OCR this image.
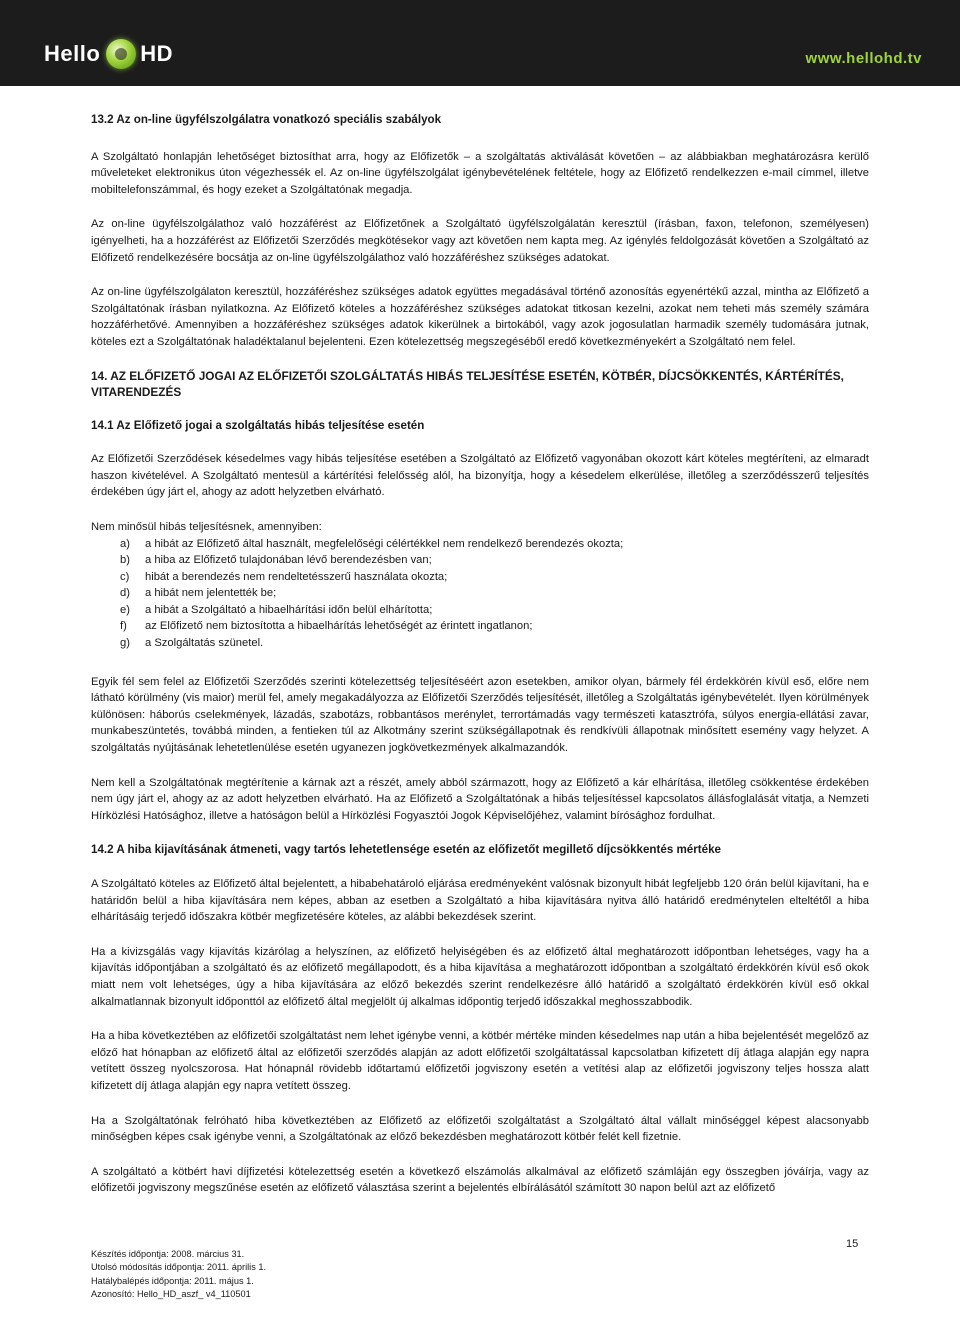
Hello HD	www.hellohd.tv
13.2 Az on-line ügyfélszolgálatra vonatkozó speciális szabályok

A Szolgáltató honlapján lehetőséget biztosíthat arra, hogy az Előfizetők – a szolgáltatás aktiválását követően – az alábbiakban meghatározásra kerülő műveleteket elektronikus úton végezhessék el. Az on-line ügyfélszolgálat igénybevételének feltétele, hogy az Előfizető rendelkezzen e-mail címmel, illetve mobiltelefonszámmal, és hogy ezeket a Szolgáltatónak megadja.

Az on-line ügyfélszolgálathoz való hozzáférést az Előfizetőnek a Szolgáltató ügyfélszolgálatán keresztül (írásban, faxon, telefonon, személyesen) igényelheti, ha a hozzáférést az Előfizetői Szerződés megkötésekor vagy azt követően nem kapta meg. Az igénylés feldolgozását követően a Szolgáltató az Előfizető rendelkezésére bocsátja az on-line ügyfélszolgálathoz való hozzáféréshez szükséges adatokat.

Az on-line ügyfélszolgálaton keresztül, hozzáféréshez szükséges adatok együttes megadásával történő azonosítás egyenértékű azzal, mintha az Előfizető a Szolgáltatónak írásban nyilatkozna. Az Előfizető köteles a hozzáféréshez szükséges adatokat titkosan kezelni, azokat nem teheti más személy számára hozzáférhetővé. Amennyiben a hozzáféréshez szükséges adatok kikerülnek a birtokából, vagy azok jogosulatlan harmadik személy tudomására jutnak, köteles ezt a Szolgáltatónak haladéktalanul bejelenteni. Ezen kötelezettség megszegéséből eredő következményekért a Szolgáltató nem felel.

14. AZ ELŐFIZETŐ JOGAI AZ ELŐFIZETŐI SZOLGÁLTATÁS HIBÁS TELJESÍTÉSE ESETÉN, KÖTBÉR, DÍJCSÖKKENTÉS, KÁRTÉRÍTÉS, VITARENDEZÉS
14.1 Az Előfizető jogai a szolgáltatás hibás teljesítése esetén

Az Előfizetői Szerződések késedelmes vagy hibás teljesítése esetében a Szolgáltató az Előfizető vagyonában okozott kárt köteles megtéríteni, az elmaradt haszon kivételével. A Szolgáltató mentesül a kártérítési felelősség alól, ha bizonyítja, hogy a késedelem elkerülése, illetőleg a szerződésszerű teljesítés érdekében úgy járt el, ahogy az adott helyzetben elvárható.

Nem minősül hibás teljesítésnek, amennyiben:

a)	a hibát az Előfizető által használt, megfelelőségi célértékkel nem rendelkező berendezés okozta;
b)	a hiba az Előfizető tulajdonában lévő berendezésben van;
c)	hibát a berendezés nem rendeltetésszerű használata okozta;
d)	a hibát nem jelentették be;
e)	a hibát a Szolgáltató a hibaelhárítási időn belül elhárította;
f)	az Előfizető nem biztosította a hibaelhárítás lehetőségét az érintett ingatlanon;
g)	a Szolgáltatás szünetel.

Egyik fél sem felel az Előfizetői Szerződés szerinti kötelezettség teljesítéséért azon esetekben, amikor olyan, bármely fél érdekkörén kívül eső, előre nem látható körülmény (vis maior) merül fel, amely megakadályozza az Előfizetői Szerződés teljesítését, illetőleg a Szolgáltatás igénybevételét. Ilyen körülmények különösen: háborús cselekmények, lázadás, szabotázs, robbantásos merénylet, terrortámadás vagy természeti katasztrófa, súlyos energia-ellátási zavar, munkabeszüntetés, továbbá minden, a fentieken túl az Alkotmány szerint szükségállapotnak és rendkívüli állapotnak minősített esemény vagy helyzet. A szolgáltatás nyújtásának lehetetlenülése esetén ugyanezen jogkövetkezmények alkalmazandók.

Nem kell a Szolgáltatónak megtérítenie a kárnak azt a részét, amely abból származott, hogy az Előfizető a kár elhárítása, illetőleg csökkentése érdekében nem úgy járt el, ahogy az az adott helyzetben elvárható. Ha az Előfizető a Szolgáltatónak a hibás teljesítéssel kapcsolatos állásfoglalását vitatja, a Nemzeti Hírközlési Hatósághoz, illetve a hatóságon belül a Hírközlési Fogyasztói Jogok Képviselőjéhez, valamint bírósághoz fordulhat.

14.2 A hiba kijavításának átmeneti, vagy tartós lehetetlensége esetén az előfizetőt megillető díjcsökkentés mértéke

A Szolgáltató köteles az Előfizető által bejelentett, a hibabehatároló eljárása eredményeként valósnak bizonyult hibát legfeljebb 120 órán belül kijavítani, ha e határidőn belül a hiba kijavítására nem képes, abban az esetben a Szolgáltató a hiba kijavítására nyitva álló határidő eredménytelen elteltétől a hiba elhárításáig terjedő időszakra kötbér megfizetésére köteles, az alábbi bekezdések szerint.

Ha a kivizsgálás vagy kijavítás kizárólag a helyszínen, az előfizető helyiségében és az előfizető által meghatározott időpontban lehetséges, vagy ha a kijavítás időpontjában a szolgáltató és az előfizető megállapodott, és a hiba kijavítása a meghatározott időpontban a szolgáltató érdekkörén kívül eső okok miatt nem volt lehetséges, úgy a hiba kijavítására az előző bekezdés szerint rendelkezésre álló határidő a szolgáltató érdekkörén kívül eső okkal alkalmatlannak bizonyult időponttól az előfizető által megjelölt új alkalmas időpontig terjedő időszakkal meghosszabbodik.

Ha a hiba következtében az előfizetői szolgáltatást nem lehet igénybe venni, a kötbér mértéke minden késedelmes nap után a hiba bejelentését megelőző az előző hat hónapban az előfizető által az előfizetői szerződés alapján az adott előfizetői szolgáltatással kapcsolatban kifizetett díj átlaga alapján egy napra vetített összeg nyolcszorosa. Hat hónapnál rövidebb időtartamú előfizetői jogviszony esetén a vetítési alap az előfizetői jogviszony teljes hossza alatt kifizetett díj átlaga alapján egy napra vetített összeg.

Ha a Szolgáltatónak felróható hiba következtében az Előfizető az előfizetői szolgáltatást a Szolgáltató által vállalt minőséggel képest alacsonyabb minőségben képes csak igénybe venni, a Szolgáltatónak az előző bekezdésben meghatározott kötbér felét kell fizetnie.

A szolgáltató a kötbért havi díjfizetési kötelezettség esetén a következő elszámolás alkalmával az előfizető számláján egy összegben jóváírja, vagy az előfizetői jogviszony megszűnése esetén az előfizető választása szerint a bejelentés elbírálásától számított 30 napon belül azt az előfizető

Készítés időpontja: 2008. március 31.
Utolsó módosítás időpontja: 2011. április 1.
Hatálybalépés időpontja: 2011. május 1.
Azonosító: Hello_HD_aszf_ v4_110501
15
